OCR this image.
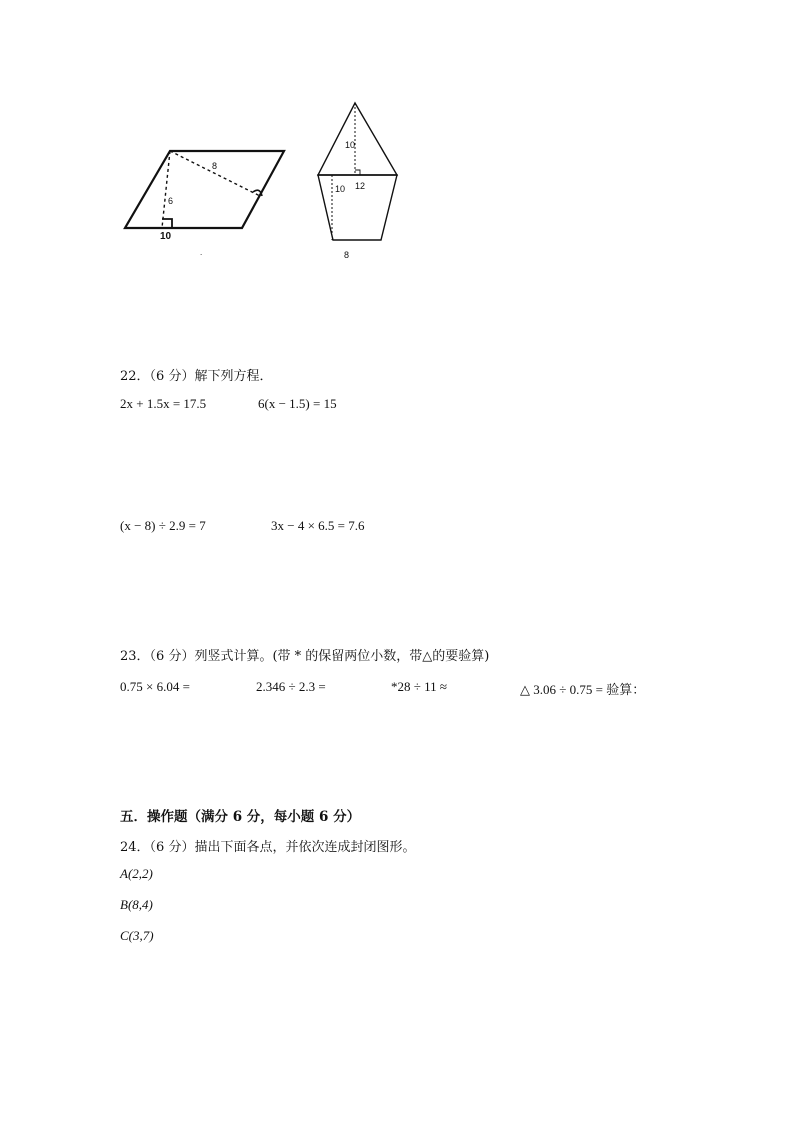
8
6
10
.
10
10 12
8
22．（6 分）解下列方程．
2x + 1.5x = 17.5	6(x − 1.5) = 15
(x − 8) ÷ 2.9 = 7	3x − 4 × 6.5 = 7.6
23．（6 分）列竖式计算。(带 * 的保留两位小数，带△的要验算)
0.75 × 6.04 =	2.346 ÷ 2.3 =	*28 ÷ 11 ≈	△ 3.06 ÷ 0.75 = 验算：
五．操作题（满分 6 分，每小题 6 分）
24．（6 分）描出下面各点，并依次连成封闭图形。
A(2,2)
B(8,4)
C(3,7)
